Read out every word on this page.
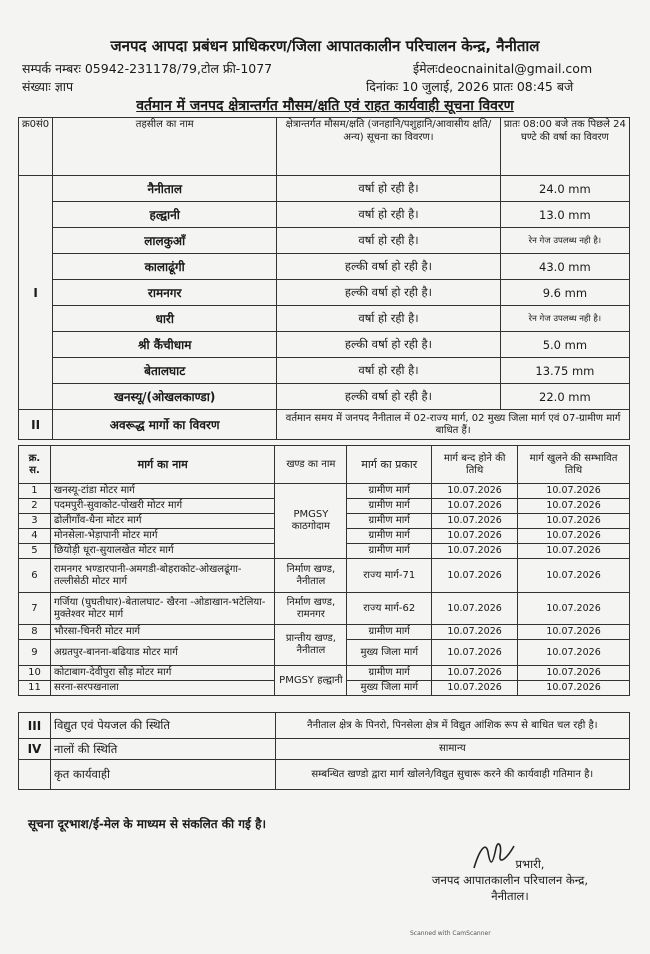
जनपद आपदा प्रबंधन प्राधिकरण/जिला आपातकालीन परिचालन केन्द्र, नैनीताल
सम्पर्क नम्बरः 05942-231178/79,टोल फ्री-1077	ईमेलःdeocnainital@gmail.com
संख्याः ज्ञाप	दिनांकः 10 जुलाई, 2026 प्रातः 08:45 बजे
वर्तमान में जनपद क्षेत्रान्तर्गत मौसम/क्षति एवं राहत कार्यवाही सूचना विवरण
क्र0सं0	तहसील का नाम	क्षेत्रान्तर्गत मौसम/क्षति (जनहानि/पशुहानि/आवासीय क्षति/अन्य) सूचना का विवरण।	प्रातः 08:00 बजे तक पिछले 24 घण्टे की वर्षा का विवरण
I	नैनीताल	वर्षा हो रही है।	24.0 mm
	हल्द्वानी	वर्षा हो रही है।	13.0 mm
	लालकुआँ	वर्षा हो रही है।	रेन गेज उपलब्ध नही है।
	कालाढूंगी	हल्की वर्षा हो रही है।	43.0 mm
	रामनगर	हल्की वर्षा हो रही है।	9.6 mm
	धारी	वर्षा हो रही है।	रेन गेज उपलब्ध नही है।
	श्री कैंचीधाम	हल्की वर्षा हो रही है।	5.0 mm
	बेतालघाट	वर्षा हो रही है।	13.75 mm
	खनस्यू/(ओखलकाण्डा)	हल्की वर्षा हो रही है।	22.0 mm
II	अवरूद्ध मार्गो का विवरण	वर्तमान समय में जनपद नैनीताल में 02-राज्य मार्ग, 02 मुख्य जिला मार्ग एवं 07-ग्रामीण मार्ग बाधित हैं।	
क्र. स.	मार्ग का नाम	खण्ड का नाम	मार्ग का प्रकार	मार्ग बन्द होने की तिथि	मार्ग खुलने की सम्भावित तिथि
1	खनस्यू-टांडा मोटर मार्ग	PMGSY काठगोदाम	ग्रामीण मार्ग	10.07.2026	10.07.2026
2	पदमपुरी-सुवाकोट-पोखरी मोटर मार्ग		ग्रामीण मार्ग	10.07.2026	10.07.2026
3	ढोलीगाँव-धैना मोटर मार्ग		ग्रामीण मार्ग	10.07.2026	10.07.2026
4	मोनसेला-भेड़ापानी मोटर मार्ग		ग्रामीण मार्ग	10.07.2026	10.07.2026
5	छियोड़ी धूरा-सुयालखेत मोटर मार्ग		ग्रामीण मार्ग	10.07.2026	10.07.2026
6	रामनगर भण्डारपानी-अमगडी-बोहराकोट-ओखलढूंगा-तल्लीसेठी मोटर मार्ग	निर्माण खण्ड, नैनीताल	राज्य मार्ग-71	10.07.2026	10.07.2026
7	गर्जिया (घुघतीधार)-बेतालघाट- खैरना -ओडाखान-भटेलिया-मुक्तेश्वर मोटर मार्ग	निर्माण खण्ड, रामनगर	राज्य मार्ग-62	10.07.2026	10.07.2026
8	भौरसा-चिनरी मोटर मार्ग	प्रान्तीय खण्ड, नैनीताल	ग्रामीण मार्ग	10.07.2026	10.07.2026
9	अग्रतपुर-बानना-बढियाड मोटर मार्ग		मुख्य जिला मार्ग	10.07.2026	10.07.2026
10	कोटाबाग-देवीपुरा सौड़ मोटर मार्ग	PMGSY हल्द्वानी	ग्रामीण मार्ग	10.07.2026	10.07.2026
11	सरना-सरपखनाला		मुख्य जिला मार्ग	10.07.2026	10.07.2026
III	विद्युत एवं पेयजल की स्थिति	नैनीताल क्षेत्र के पिनरो, पिनसेला क्षेत्र में विद्युत आंशिक रूप से बाधित चल रही है।
IV	नालों की स्थिति	सामान्य
	कृत कार्यवाही	सम्बन्धित खण्डो द्वारा मार्ग खोलने/विद्युत सुचारू करने की कार्यवाही गतिमान है।
सूचना दूरभाश/ई-मेल के माध्यम से संकलित की गई है।
प्रभारी,
जनपद आपातकालीन परिचालन केन्द्र,
नैनीताल।
Scanned with CamScanner
